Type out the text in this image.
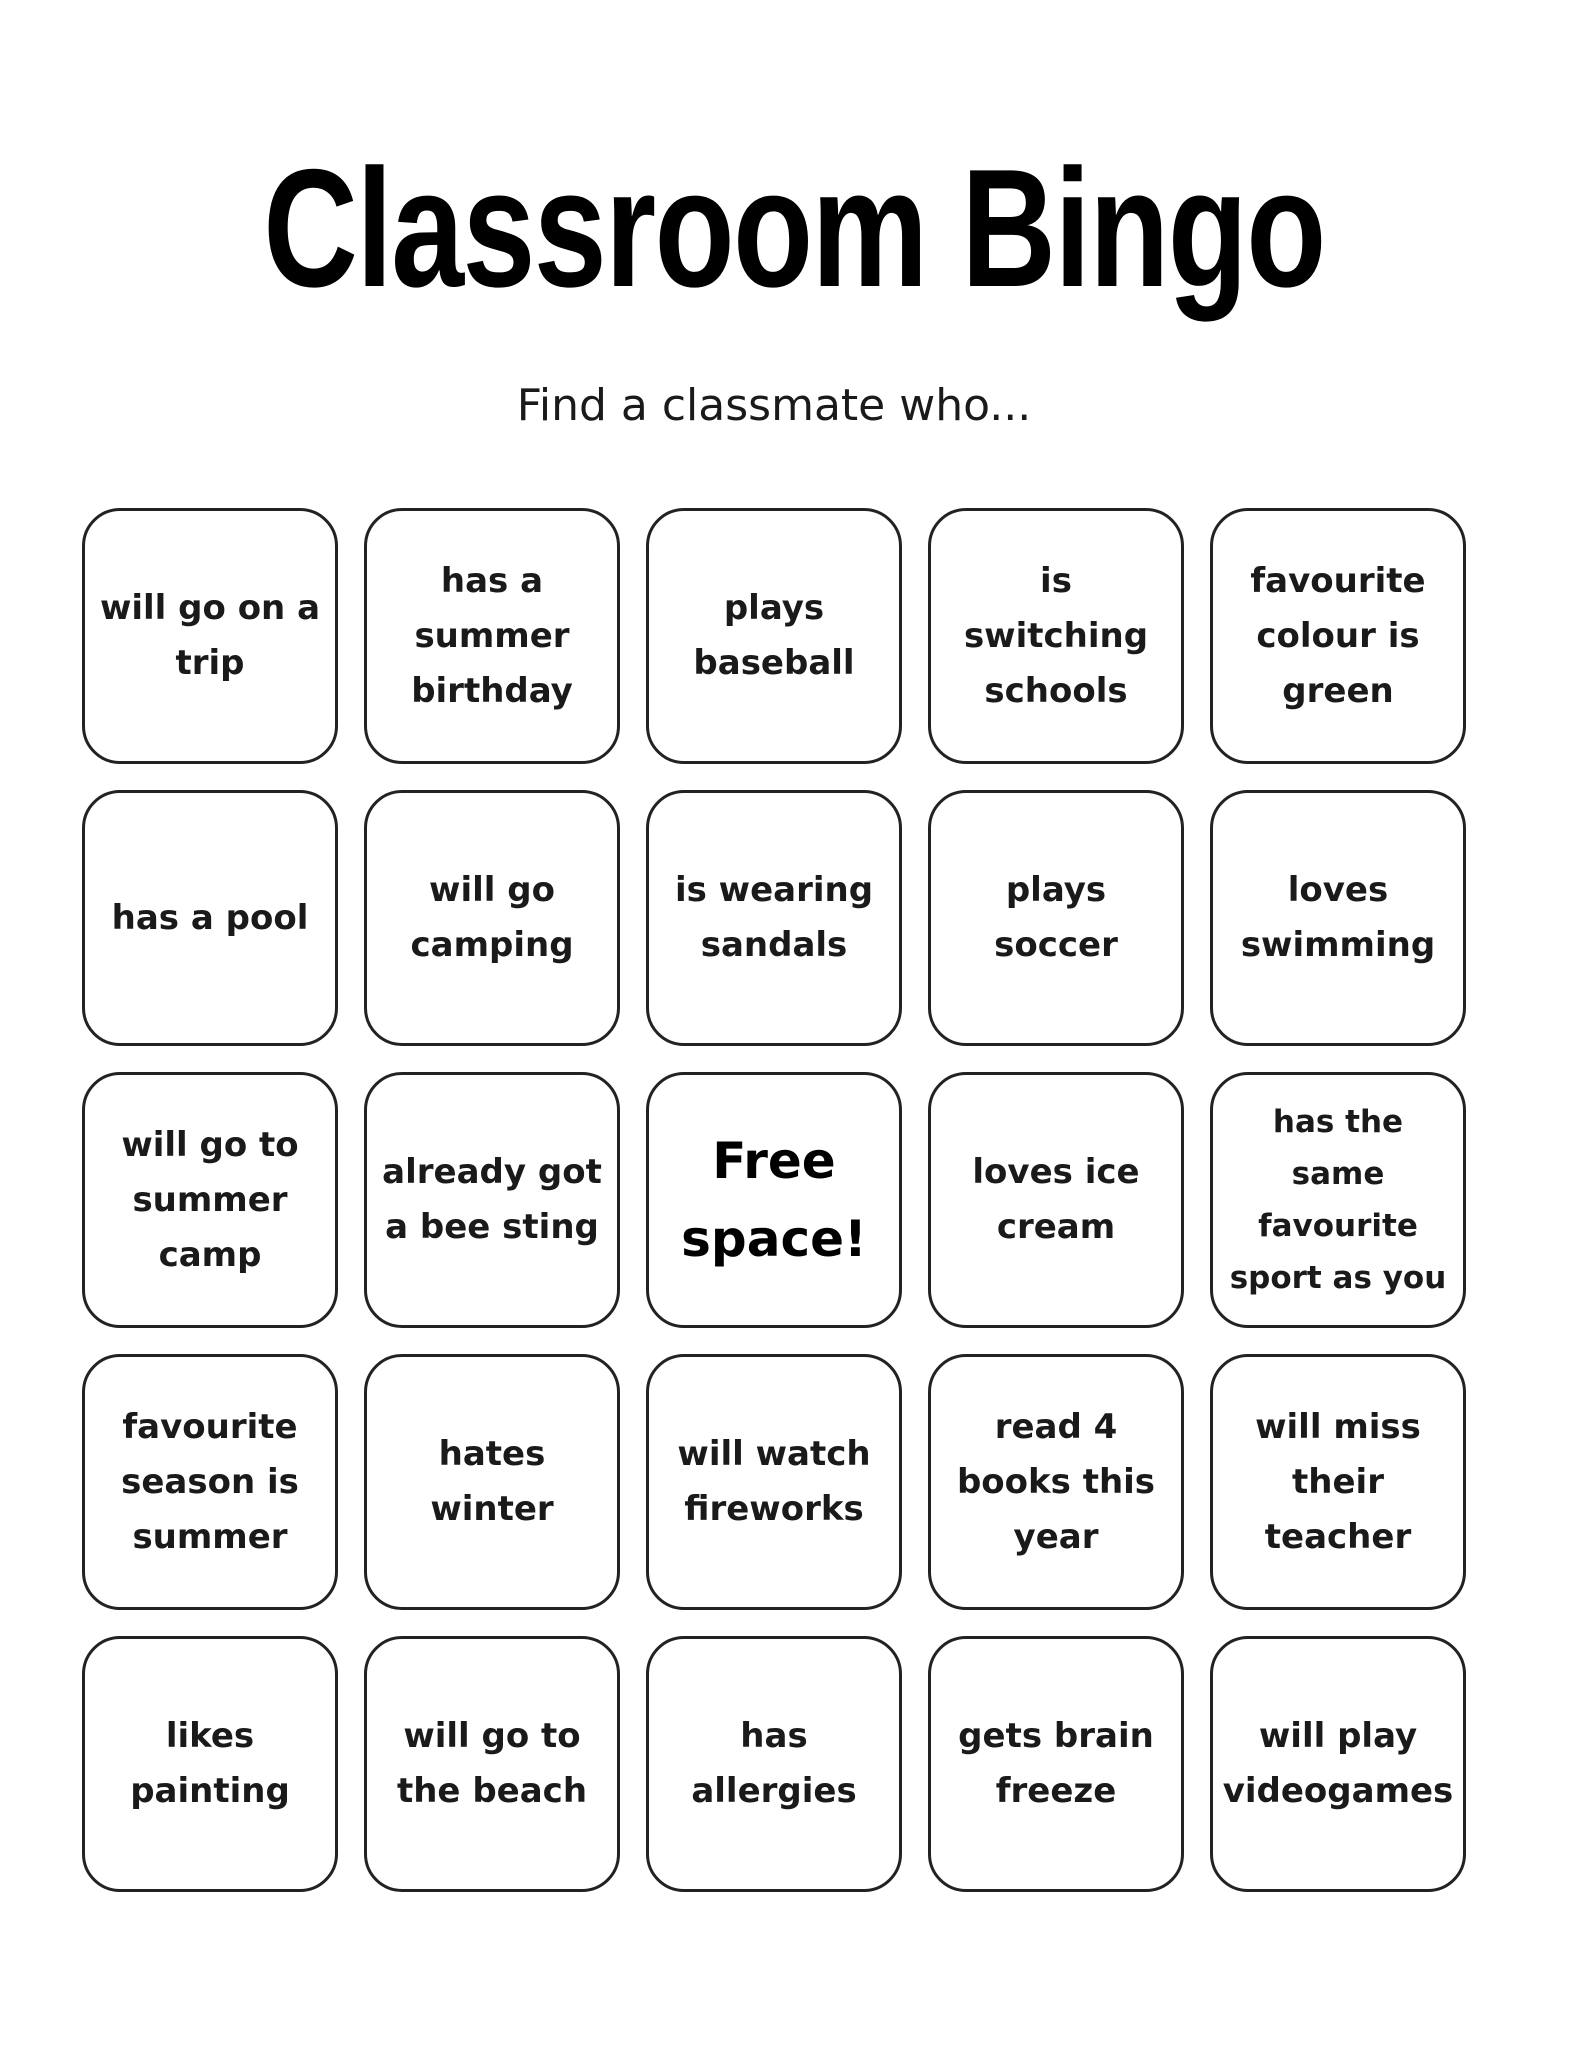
Classroom Bingo
Find a classmate who...
will go on a trip
has a summer birthday
plays baseball
is switching schools
favourite colour is green
has a pool
will go camping
is wearing sandals
plays soccer
loves swimming
will go to summer camp
already got a bee sting
Free space!
loves ice cream
has the same favourite sport as you
favourite season is summer
hates winter
will watch fireworks
read 4 books this year
will miss their teacher
likes painting
will go to the beach
has allergies
gets brain freeze
will play videogames
